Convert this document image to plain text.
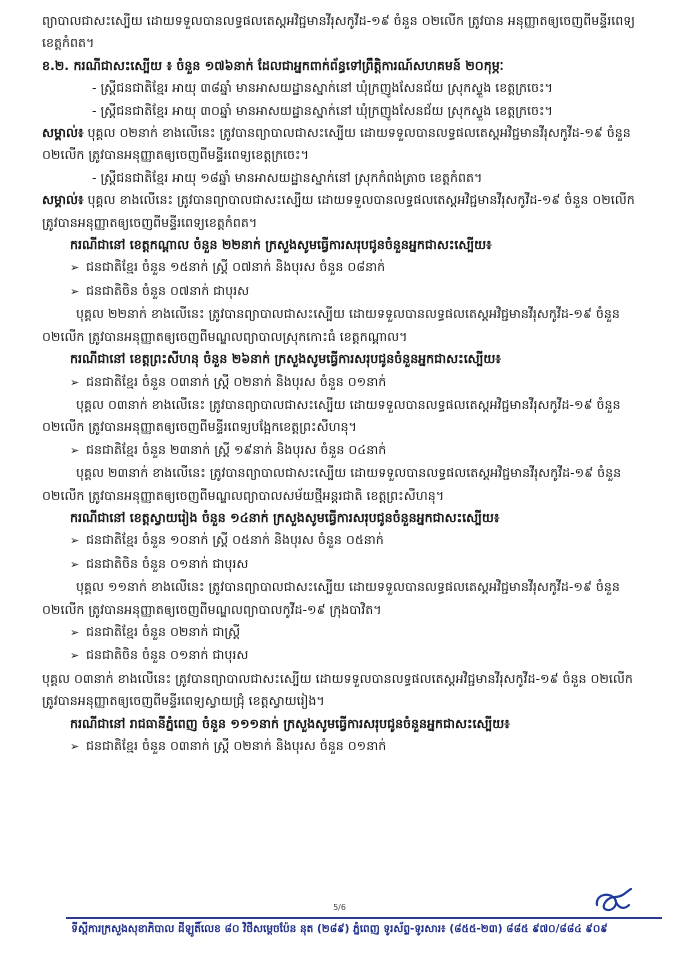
ព្យាបាលជាសះស្បើយ ដោយទទួលបានលទ្ធផលតេស្តអវិជ្ជមានវីរុសកូវីដ-១៩ ចំនួន ០២លើក ត្រូវបាន អនុញ្ញាតឲ្យចេញពីមន្ទីរពេទ្យខេត្តកំពត។

ខ.២. ករណីជាសះស្បើយ ៖ ចំនួន ១៧៦នាក់ ដែលជាអ្នកពាក់ព័ន្ធទៅព្រឹត្តិការណ៍សហគមន៍ ២០កុម្ភៈ

- ស្ត្រីជនជាតិខ្មែរ អាយុ ៣៨ឆ្នាំ មានអាសយដ្ឋានស្នាក់នៅ ឃុំក្រញូងសែនជ័យ ស្រុកស្ទួង ខេត្តក្រចេះ។

- ស្ត្រីជនជាតិខ្មែរ អាយុ ៣០ឆ្នាំ មានអាសយដ្ឋានស្នាក់នៅ ឃុំក្រញូងសែនជ័យ ស្រុកស្ទួង ខេត្តក្រចេះ។

សម្គាល់៖ បុគ្គល ០២នាក់ ខាងលើនេះ ត្រូវបានព្យាបាលជាសះស្បើយ ដោយទទួលបានលទ្ធផលតេស្តអវិជ្ជមានវីរុសកូវីដ-១៩ ចំនួន ០២លើក ត្រូវបានអនុញ្ញាតឲ្យចេញពីមន្ទីរពេទ្យខេត្តក្រចេះ។

- ស្ត្រីជនជាតិខ្មែរ អាយុ ១៨ឆ្នាំ មានអាសយដ្ឋានស្នាក់នៅ ស្រុកកំពង់ត្រាច ខេត្តកំពត។

សម្គាល់៖ បុគ្គល ខាងលើនេះ ត្រូវបានព្យាបាលជាសះស្បើយ ដោយទទួលបានលទ្ធផលតេស្តអវិជ្ជមានវីរុសកូវីដ-១៩ ចំនួន ០២លើក ត្រូវបានអនុញ្ញាតឲ្យចេញពីមន្ទីរពេទ្យខេត្តកំពត។

ករណីជានៅ ខេត្តកណ្តាល ចំនួន ២២នាក់ ក្រសួងសូមធ្វើការសរុបជូនចំនួនអ្នកជាសះស្បើយ៖

➢ ជនជាតិខ្មែរ ចំនួន ១៥នាក់ ស្ត្រី ០៧នាក់ និងបុរស ចំនួន ០៨នាក់

➢ ជនជាតិចិន ចំនួន ០៧នាក់ ជាបុរស

បុគ្គល ២២នាក់ ខាងលើនេះ ត្រូវបានព្យាបាលជាសះស្បើយ ដោយទទួលបានលទ្ធផលតេស្តអវិជ្ជមានវីរុសកូវីដ-១៩ ចំនួន ០២លើក ត្រូវបានអនុញ្ញាតឲ្យចេញពីមណ្ឌលព្យាបាលស្រុកកោះធំ ខេត្តកណ្តាល។

ករណីជានៅ ខេត្តព្រះសីហនុ ចំនួន ២៦នាក់ ក្រសួងសូមធ្វើការសរុបជូនចំនួនអ្នកជាសះស្បើយ៖

➢ ជនជាតិខ្មែរ ចំនួន ០៣នាក់ ស្ត្រី ០២នាក់ និងបុរស ចំនួន ០១នាក់

បុគ្គល ០៣នាក់ ខាងលើនេះ ត្រូវបានព្យាបាលជាសះស្បើយ ដោយទទួលបានលទ្ធផលតេស្តអវិជ្ជមានវីរុសកូវីដ-១៩ ចំនួន ០២លើក ត្រូវបានអនុញ្ញាតឲ្យចេញពីមន្ទីរពេទ្យបង្អែកខេត្តព្រះសីហនុ។

➢ ជនជាតិខ្មែរ ចំនួន ២៣នាក់ ស្ត្រី ១៩នាក់ និងបុរស ចំនួន ០៤នាក់

បុគ្គល ២៣នាក់ ខាងលើនេះ ត្រូវបានព្យាបាលជាសះស្បើយ ដោយទទួលបានលទ្ធផលតេស្តអវិជ្ជមានវីរុសកូវីដ-១៩ ចំនួន ០២លើក ត្រូវបានអនុញ្ញាតឲ្យចេញពីមណ្ឌលព្យាបាលសម័យថ្មីអន្តរជាតិ ខេត្តព្រះសីហនុ។

ករណីជានៅ ខេត្តស្វាយរៀង ចំនួន ១៤នាក់ ក្រសួងសូមធ្វើការសរុបជូនចំនួនអ្នកជាសះស្បើយ៖

➢ ជនជាតិខ្មែរ ចំនួន ១០នាក់ ស្ត្រី ០៥នាក់ និងបុរស ចំនួន ០៥នាក់

➢ ជនជាតិចិន ចំនួន ០១នាក់ ជាបុរស

បុគ្គល ១១នាក់ ខាងលើនេះ ត្រូវបានព្យាបាលជាសះស្បើយ ដោយទទួលបានលទ្ធផលតេស្តអវិជ្ជមានវីរុសកូវីដ-១៩ ចំនួន ០២លើក ត្រូវបានអនុញ្ញាតឲ្យចេញពីមណ្ឌលព្យាបាលកូវីដ-១៩ ក្រុងបាវិត។

➢ ជនជាតិខ្មែរ ចំនួន ០២នាក់ ជាស្ត្រី

➢ ជនជាតិចិន ចំនួន ០១នាក់ ជាបុរស

បុគ្គល ០៣នាក់ ខាងលើនេះ ត្រូវបានព្យាបាលជាសះស្បើយ ដោយទទួលបានលទ្ធផលតេស្តអវិជ្ជមានវីរុសកូវីដ-១៩ ចំនួន ០២លើក ត្រូវបានអនុញ្ញាតឲ្យចេញពីមន្ទីរពេទ្យស្វាយជ្រុំ ខេត្តស្វាយរៀង។

ករណីជានៅ រាជធានីភ្នំពេញ ចំនួន ១១១នាក់ ក្រសួងសូមធ្វើការសរុបជូនចំនួនអ្នកជាសះស្បើយ៖

➢ ជនជាតិខ្មែរ ចំនួន ០៣នាក់ ស្ត្រី ០២នាក់ និងបុរស ចំនួន ០១នាក់

5/6
ទីស្តីការក្រសួងសុខាភិបាល ដីឡូតិ៍លេខ ៨០ វិថីសម្តេចប៉ែន នុត (២៨៩) ភ្នំពេញ ទូរស័ព្ទ-ទូរសារ៖ (៨៥៥-២៣) ៨៨៥ ៩៧០/៨៨៤ ៩០៩
